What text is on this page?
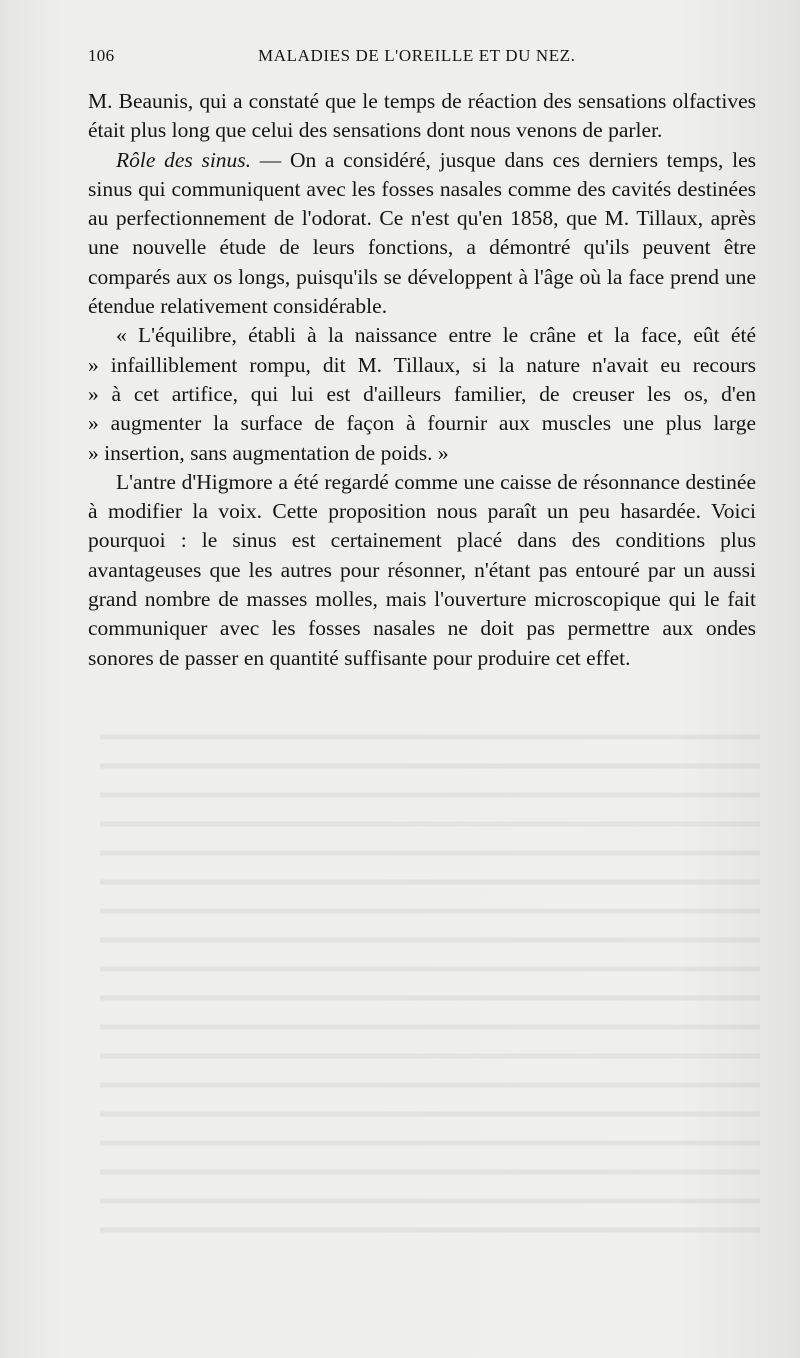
106	MALADIES DE L'OREILLE ET DU NEZ.

M. Beaunis, qui a constaté que le temps de réaction des sensations olfactives était plus long que celui des sensations dont nous venons de parler.

Rôle des sinus. — On a considéré, jusque dans ces derniers temps, les sinus qui communiquent avec les fosses nasales comme des cavités destinées au perfectionnement de l'odorat. Ce n'est qu'en 1858, que M. Tillaux, après une nouvelle étude de leurs fonctions, a démontré qu'ils peuvent être comparés aux os longs, puisqu'ils se développent à l'âge où la face prend une étendue relativement considérable.

« L'équilibre, établi à la naissance entre le crâne et la face, eût été
» infailliblement rompu, dit M. Tillaux, si la nature n'avait eu recours
» à cet artifice, qui lui est d'ailleurs familier, de creuser les os, d'en
» augmenter la surface de façon à fournir aux muscles une plus large
» insertion, sans augmentation de poids. »

L'antre d'Higmore a été regardé comme une caisse de résonnance destinée à modifier la voix. Cette proposition nous paraît un peu hasardée. Voici pourquoi : le sinus est certainement placé dans des conditions plus avantageuses que les autres pour résonner, n'étant pas entouré par un aussi grand nombre de masses molles, mais l'ouverture microscopique qui le fait communiquer avec les fosses nasales ne doit pas permettre aux ondes sonores de passer en quantité suffisante pour produire cet effet.
